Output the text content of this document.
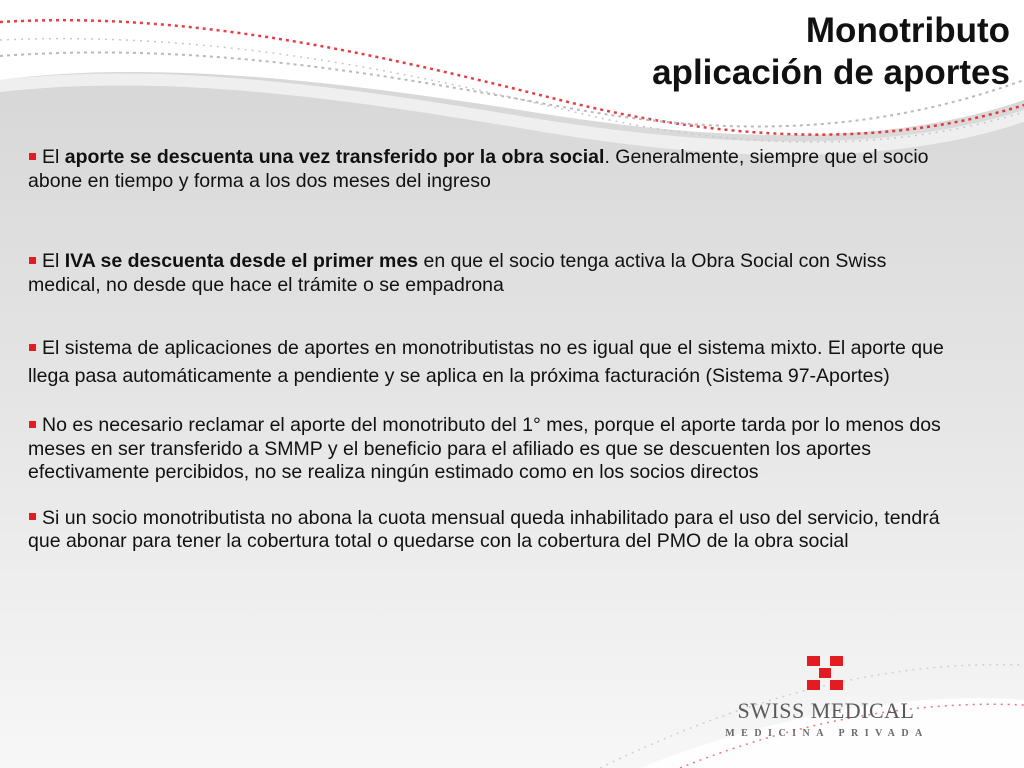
Monotributo
aplicación de aportes
El aporte se descuenta una vez transferido por la obra social. Generalmente, siempre que el socio abone en tiempo y forma a los dos meses del ingreso
El IVA se descuenta desde el primer mes en que el socio tenga activa la Obra Social con Swiss medical, no desde que hace el trámite o se empadrona
El sistema de aplicaciones de aportes en monotributistas no es igual que el sistema mixto. El aporte que llega pasa automáticamente a pendiente y se aplica en la próxima facturación (Sistema 97-Aportes)
No es necesario reclamar el aporte del monotributo del 1° mes, porque el aporte tarda por lo menos dos meses en ser transferido a SMMP y el beneficio para el afiliado es que se descuenten los aportes efectivamente percibidos, no se realiza ningún estimado como en los socios directos
Si un socio monotributista no abona la cuota mensual queda inhabilitado para el uso del servicio, tendrá que abonar para tener la cobertura total o quedarse con la cobertura del PMO de la obra social
SWISS MEDICAL
MEDICINA PRIVADA
